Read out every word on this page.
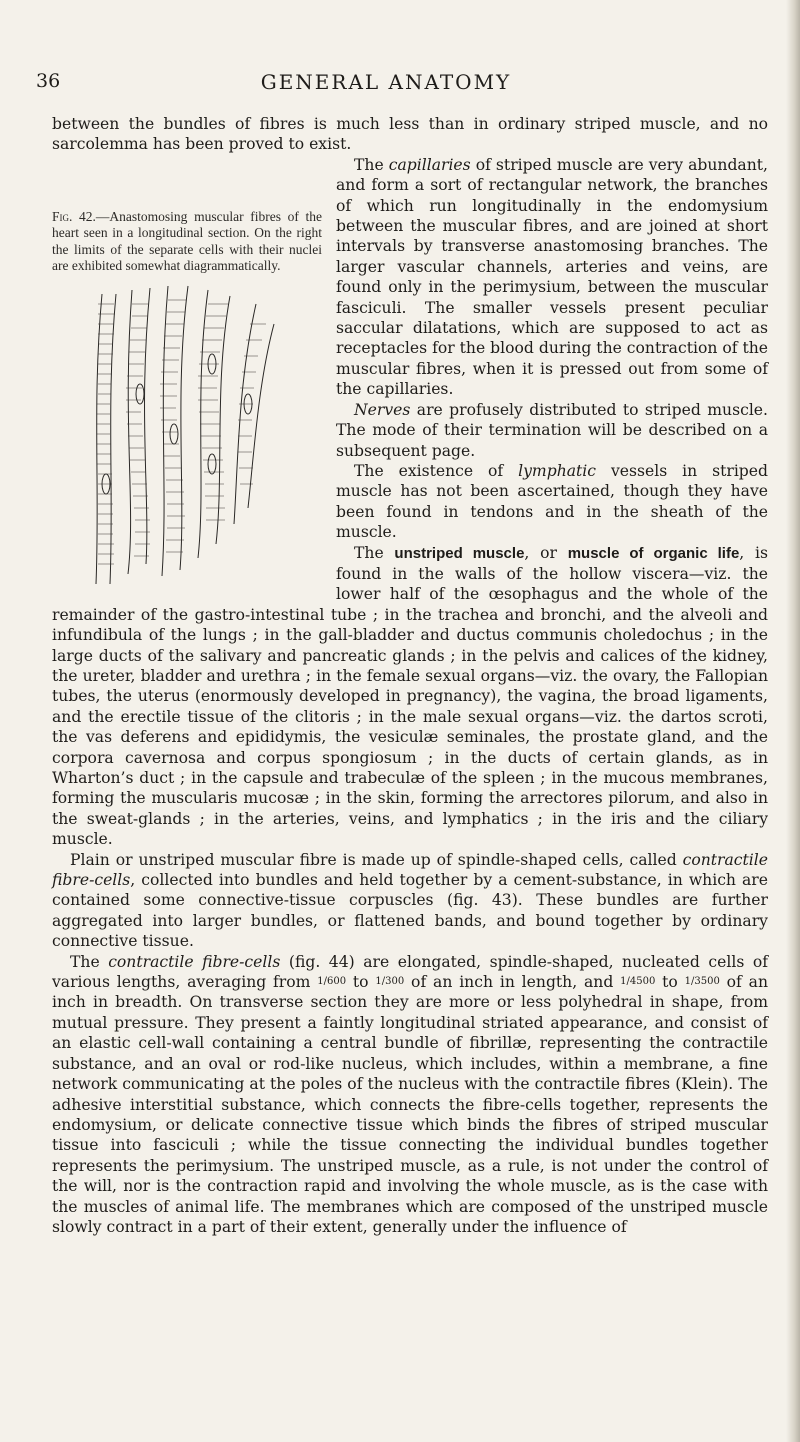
36	GENERAL ANATOMY

between the bundles of fibres is much less than in ordinary striped muscle, and no sarcolemma has been proved to exist.

Fig. 42.—Anastomosing muscular fibres of the heart seen in a longitudinal section. On the right the limits of the separate cells with their nuclei are exhibited somewhat diagrammatically.

The capillaries of striped muscle are very abundant, and form a sort of rectangular network, the branches of which run longitudinally in the endomysium between the muscular fibres, and are joined at short intervals by transverse anastomosing branches. The larger vascular channels, arteries and veins, are found only in the perimysium, between the muscular fasciculi. The smaller vessels present peculiar saccular dilatations, which are supposed to act as receptacles for the blood during the contraction of the muscular fibres, when it is pressed out from some of the capillaries.

Nerves are profusely distributed to striped muscle. The mode of their termination will be described on a subsequent page.

The existence of lymphatic vessels in striped muscle has not been ascertained, though they have been found in tendons and in the sheath of the muscle.

The unstriped muscle, or muscle of organic life, is found in the walls of the hollow viscera—viz. the lower half of the œsophagus and the whole of the remainder of the gastro-intestinal tube ; in the trachea and bronchi, and the alveoli and infundibula of the lungs ; in the gall-bladder and ductus communis choledochus ; in the large ducts of the salivary and pancreatic glands ; in the pelvis and calices of the kidney, the ureter, bladder and urethra ; in the female sexual organs—viz. the ovary, the Fallopian tubes, the uterus (enormously developed in pregnancy), the vagina, the broad ligaments, and the erectile tissue of the clitoris ; in the male sexual organs—viz. the dartos scroti, the vas deferens and epididymis, the vesiculæ seminales, the prostate gland, and the corpora cavernosa and corpus spongiosum ; in the ducts of certain glands, as in Wharton’s duct ; in the capsule and trabeculæ of the spleen ; in the mucous membranes, forming the muscularis mucosæ ; in the skin, forming the arrectores pilorum, and also in the sweat-glands ; in the arteries, veins, and lymphatics ; in the iris and the ciliary muscle.

Plain or unstriped muscular fibre is made up of spindle-shaped cells, called contractile fibre-cells, collected into bundles and held together by a cement-substance, in which are contained some connective-tissue corpuscles (fig. 43). These bundles are further aggregated into larger bundles, or flattened bands, and bound together by ordinary connective tissue.

The contractile fibre-cells (fig. 44) are elongated, spindle-shaped, nucleated cells of various lengths, averaging from 1/600 to 1/300 of an inch in length, and 1/4500 to 1/3500 of an inch in breadth. On transverse section they are more or less polyhedral in shape, from mutual pressure. They present a faintly longitudinal striated appearance, and consist of an elastic cell-wall containing a central bundle of fibrillæ, representing the contractile substance, and an oval or rod-like nucleus, which includes, within a membrane, a fine network communicating at the poles of the nucleus with the contractile fibres (Klein). The adhesive interstitial substance, which connects the fibre-cells together, represents the endomysium, or delicate connective tissue which binds the fibres of striped muscular tissue into fasciculi ; while the tissue connecting the individual bundles together represents the perimysium. The unstriped muscle, as a rule, is not under the control of the will, nor is the contraction rapid and involving the whole muscle, as is the case with the muscles of animal life. The membranes which are composed of the unstriped muscle slowly contract in a part of their extent, generally under the influence of
